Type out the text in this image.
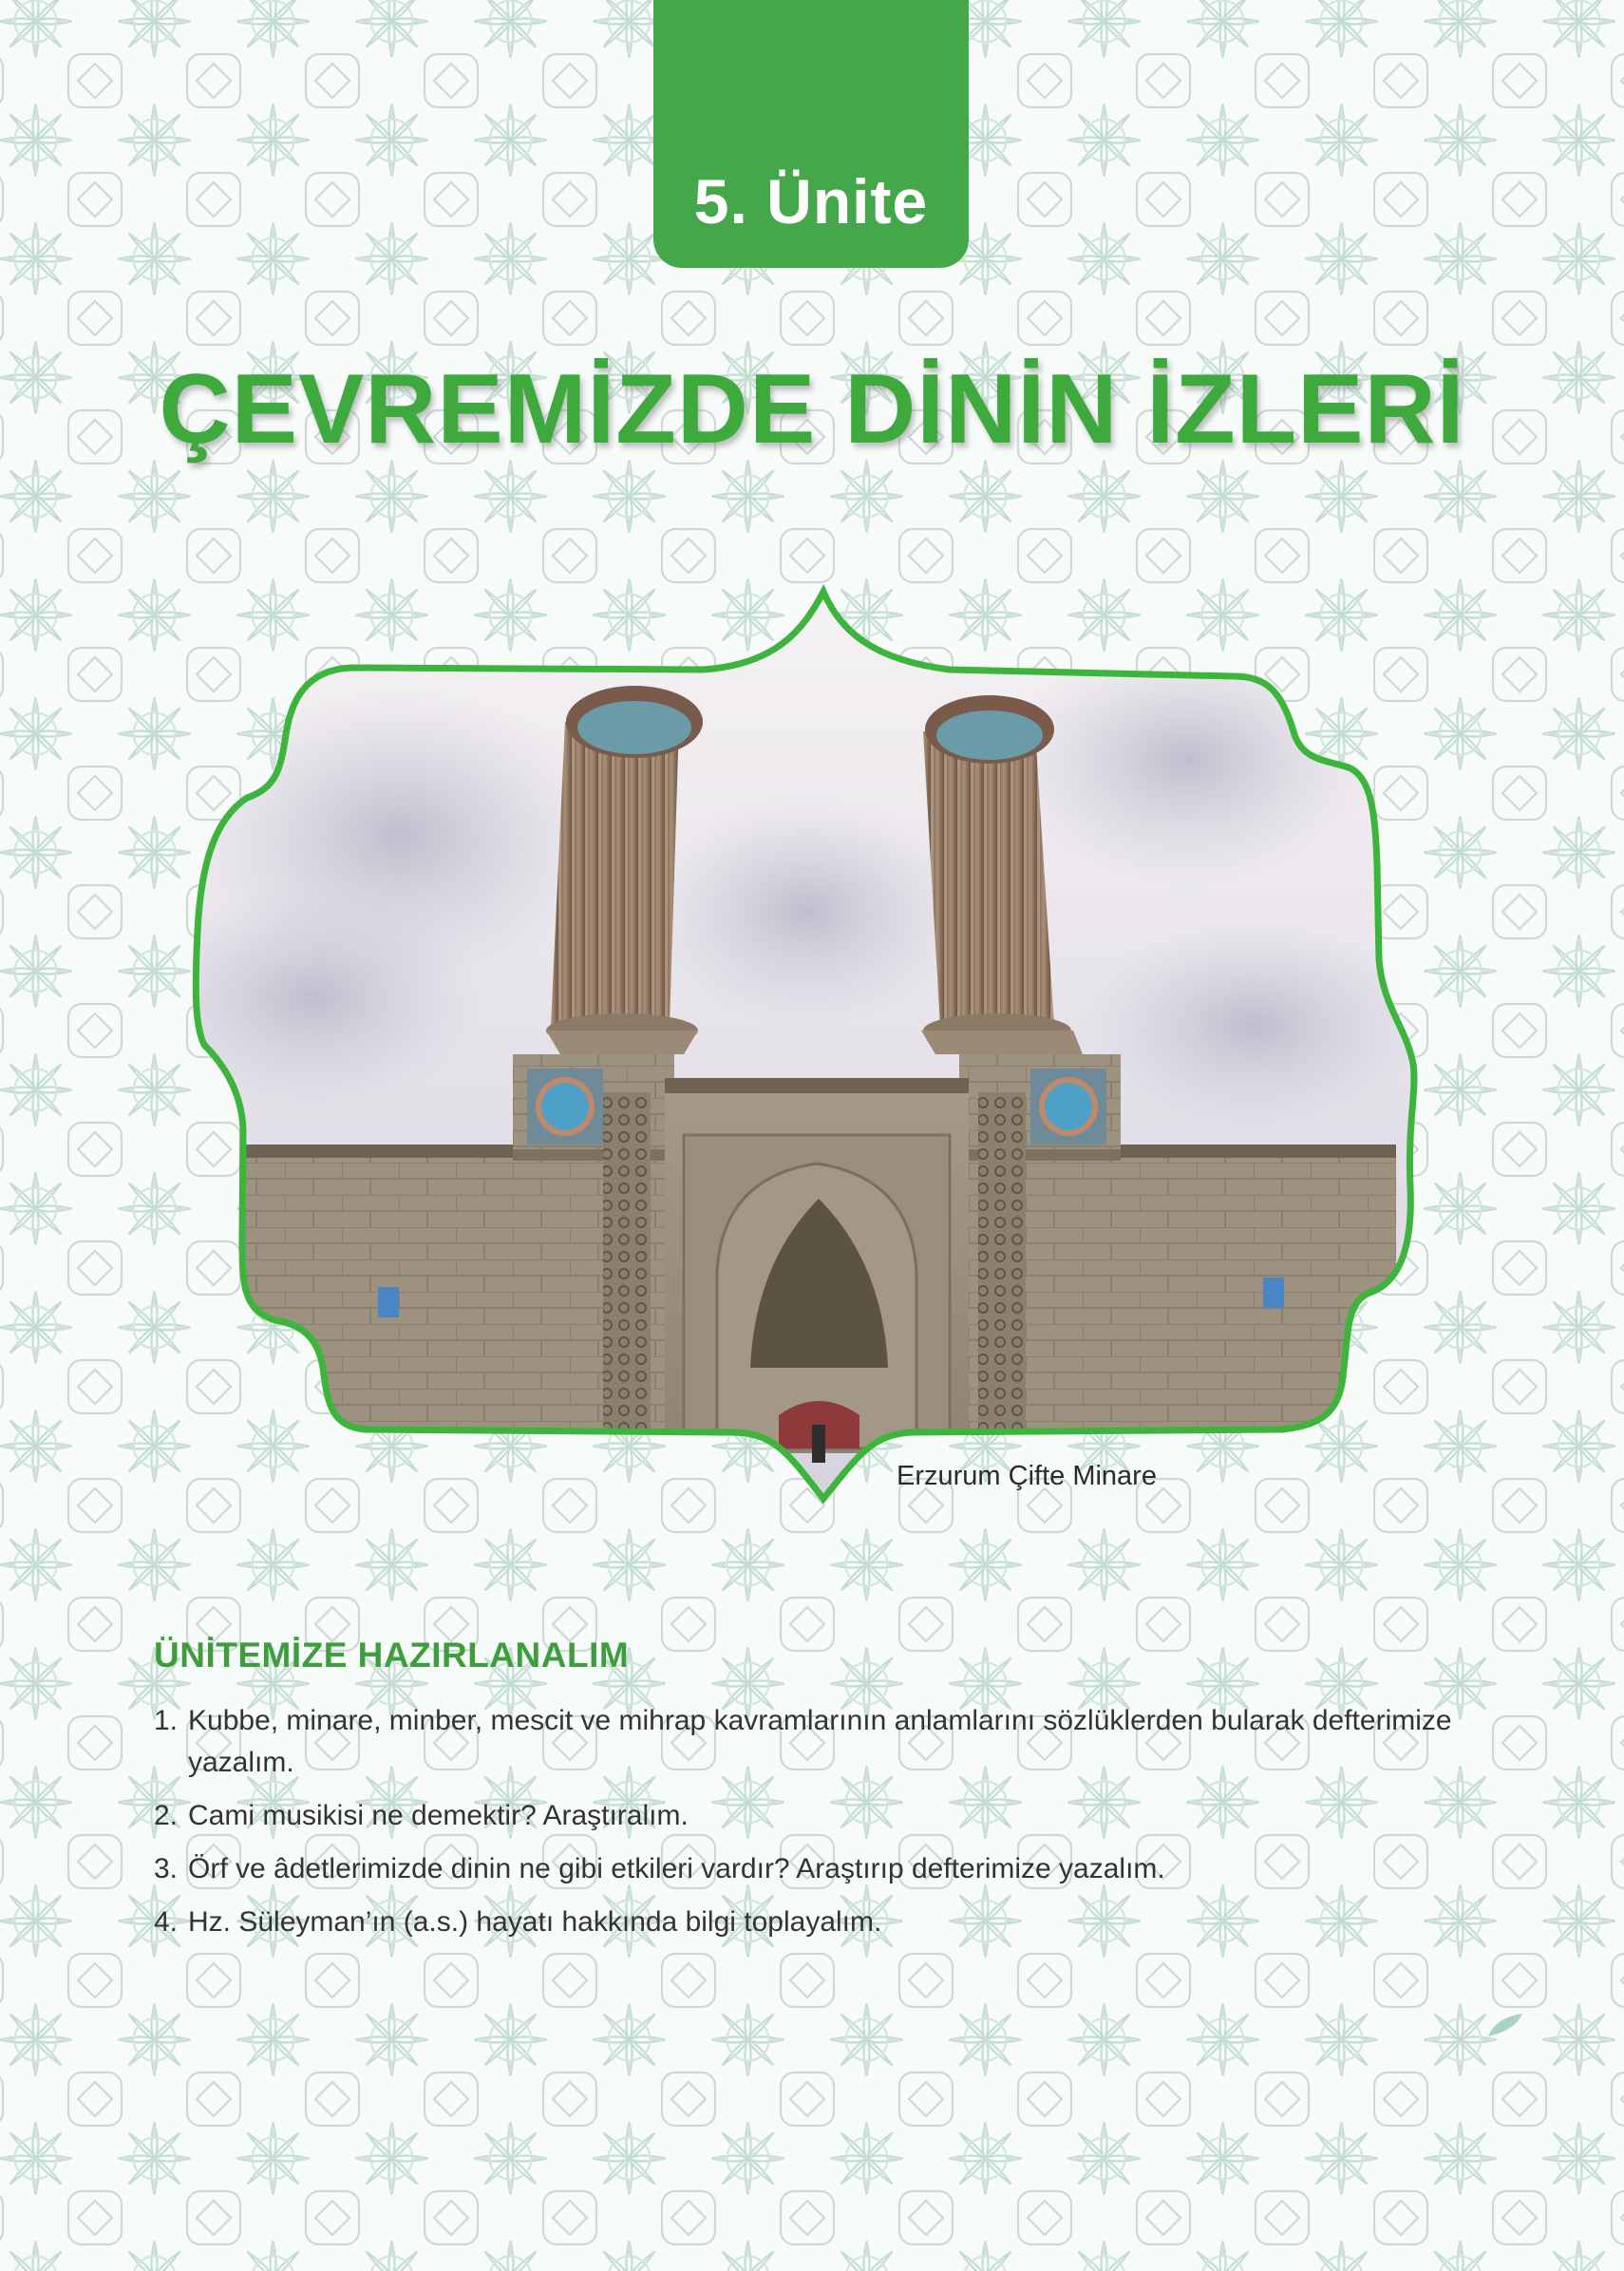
5. Ünite
ÇEVREMİZDE DİNİN İZLERİ
Erzurum Çifte Minare
ÜNİTEMİZE HAZIRLANALIM
1. Kubbe, minare, minber, mescit ve mihrap kavramlarının anlamlarını sözlüklerden bularak defterimize yazalım.
2. Cami musikisi ne demektir? Araştıralım.
3. Örf ve âdetlerimizde dinin ne gibi etkileri vardır? Araştırıp defterimize yazalım.
4. Hz. Süleyman’ın (a.s.) hayatı hakkında bilgi toplayalım.
